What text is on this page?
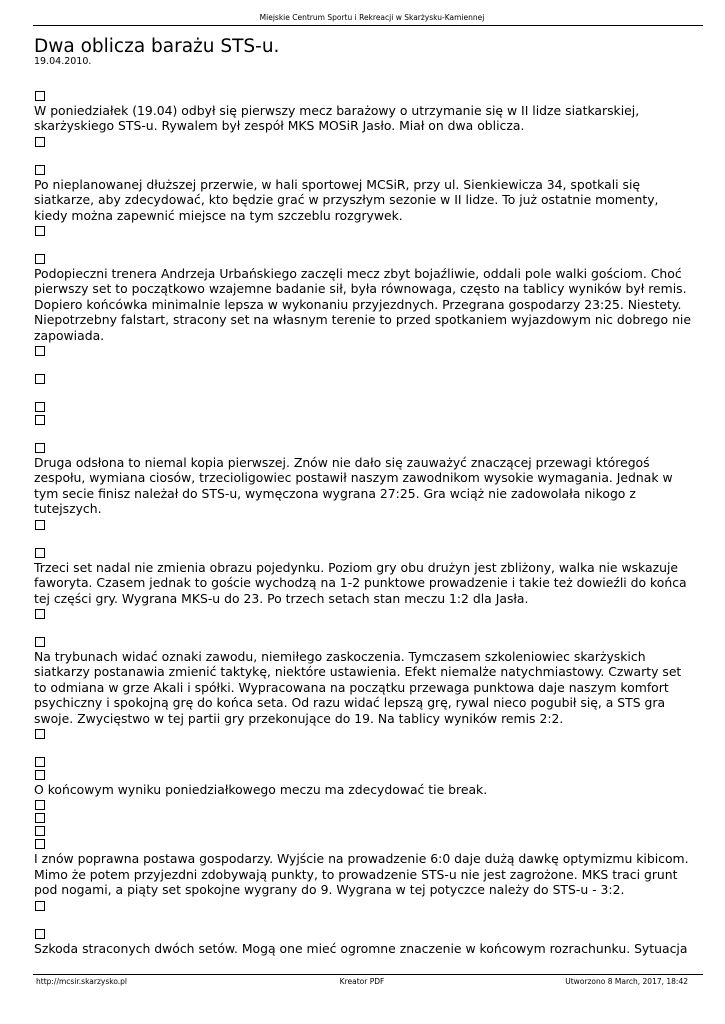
Miejskie Centrum Sportu i Rekreacji w Skarżysku-Kamiennej
Dwa oblicza barażu STS-u.
19.04.2010.

W poniedziałek (19.04) odbył się pierwszy mecz barażowy o utrzymanie się w II lidze siatkarskiej, skarżyskiego STS-u. Rywalem był zespół MKS MOSiR Jasło. Miał on dwa oblicza.

Po nieplanowanej dłuższej przerwie, w hali sportowej MCSiR, przy ul. Sienkiewicza 34, spotkali się siatkarze, aby zdecydować, kto będzie grać w przyszłym sezonie w II lidze. To już ostatnie momenty, kiedy można zapewnić miejsce na tym szczeblu rozgrywek.

Podopieczni trenera Andrzeja Urbańskiego zaczęli mecz zbyt bojaźliwie, oddali pole walki gościom. Choć pierwszy set to początkowo wzajemne badanie sił, była równowaga, często na tablicy wyników był remis. Dopiero końcówka minimalnie lepsza w wykonaniu przyjezdnych. Przegrana gospodarzy 23:25. Niestety. Niepotrzebny falstart, stracony set na własnym terenie to przed spotkaniem wyjazdowym nic dobrego nie zapowiada.

Druga odsłona to niemal kopia pierwszej. Znów nie dało się zauważyć znaczącej przewagi któregoś zespołu, wymiana ciosów, trzecioligowiec postawił naszym zawodnikom wysokie wymagania. Jednak w tym secie finisz należał do STS-u, wymęczona wygrana 27:25. Gra wciąż nie zadowolała nikogo z tutejszych.

Trzeci set nadal nie zmienia obrazu pojedynku. Poziom gry obu drużyn jest zbliżony, walka nie wskazuje faworyta. Czasem jednak to goście wychodzą na 1-2 punktowe prowadzenie i takie też dowieźli do końca tej części gry. Wygrana MKS-u do 23. Po trzech setach stan meczu 1:2 dla Jasła.

Na trybunach widać oznaki zawodu, niemiłego zaskoczenia. Tymczasem szkoleniowiec skarżyskich siatkarzy postanawia zmienić taktykę, niektóre ustawienia. Efekt niemalże natychmiastowy. Czwarty set to odmiana w grze Akali i spółki. Wypracowana na początku przewaga punktowa daje naszym komfort psychiczny i spokojną grę do końca seta. Od razu widać lepszą grę, rywal nieco pogubił się, a STS gra swoje. Zwycięstwo w tej partii gry przekonujące do 19. Na tablicy wyników remis 2:2.

O końcowym wyniku poniedziałkowego meczu ma zdecydować tie break.

I znów poprawna postawa gospodarzy. Wyjście na prowadzenie 6:0 daje dużą dawkę optymizmu kibicom. Mimo że potem przyjezdni zdobywają punkty, to prowadzenie STS-u nie jest zagrożone. MKS traci grunt pod nogami, a piąty set spokojne wygrany do 9. Wygrana w tej potyczce należy do STS-u - 3:2.

Szkoda straconych dwóch setów. Mogą one mieć ogromne znaczenie w końcowym rozrachunku. Sytuacja

http://mcsir.skarzysko.pl	Kreator PDF	Utworzono 8 March, 2017, 18:42
